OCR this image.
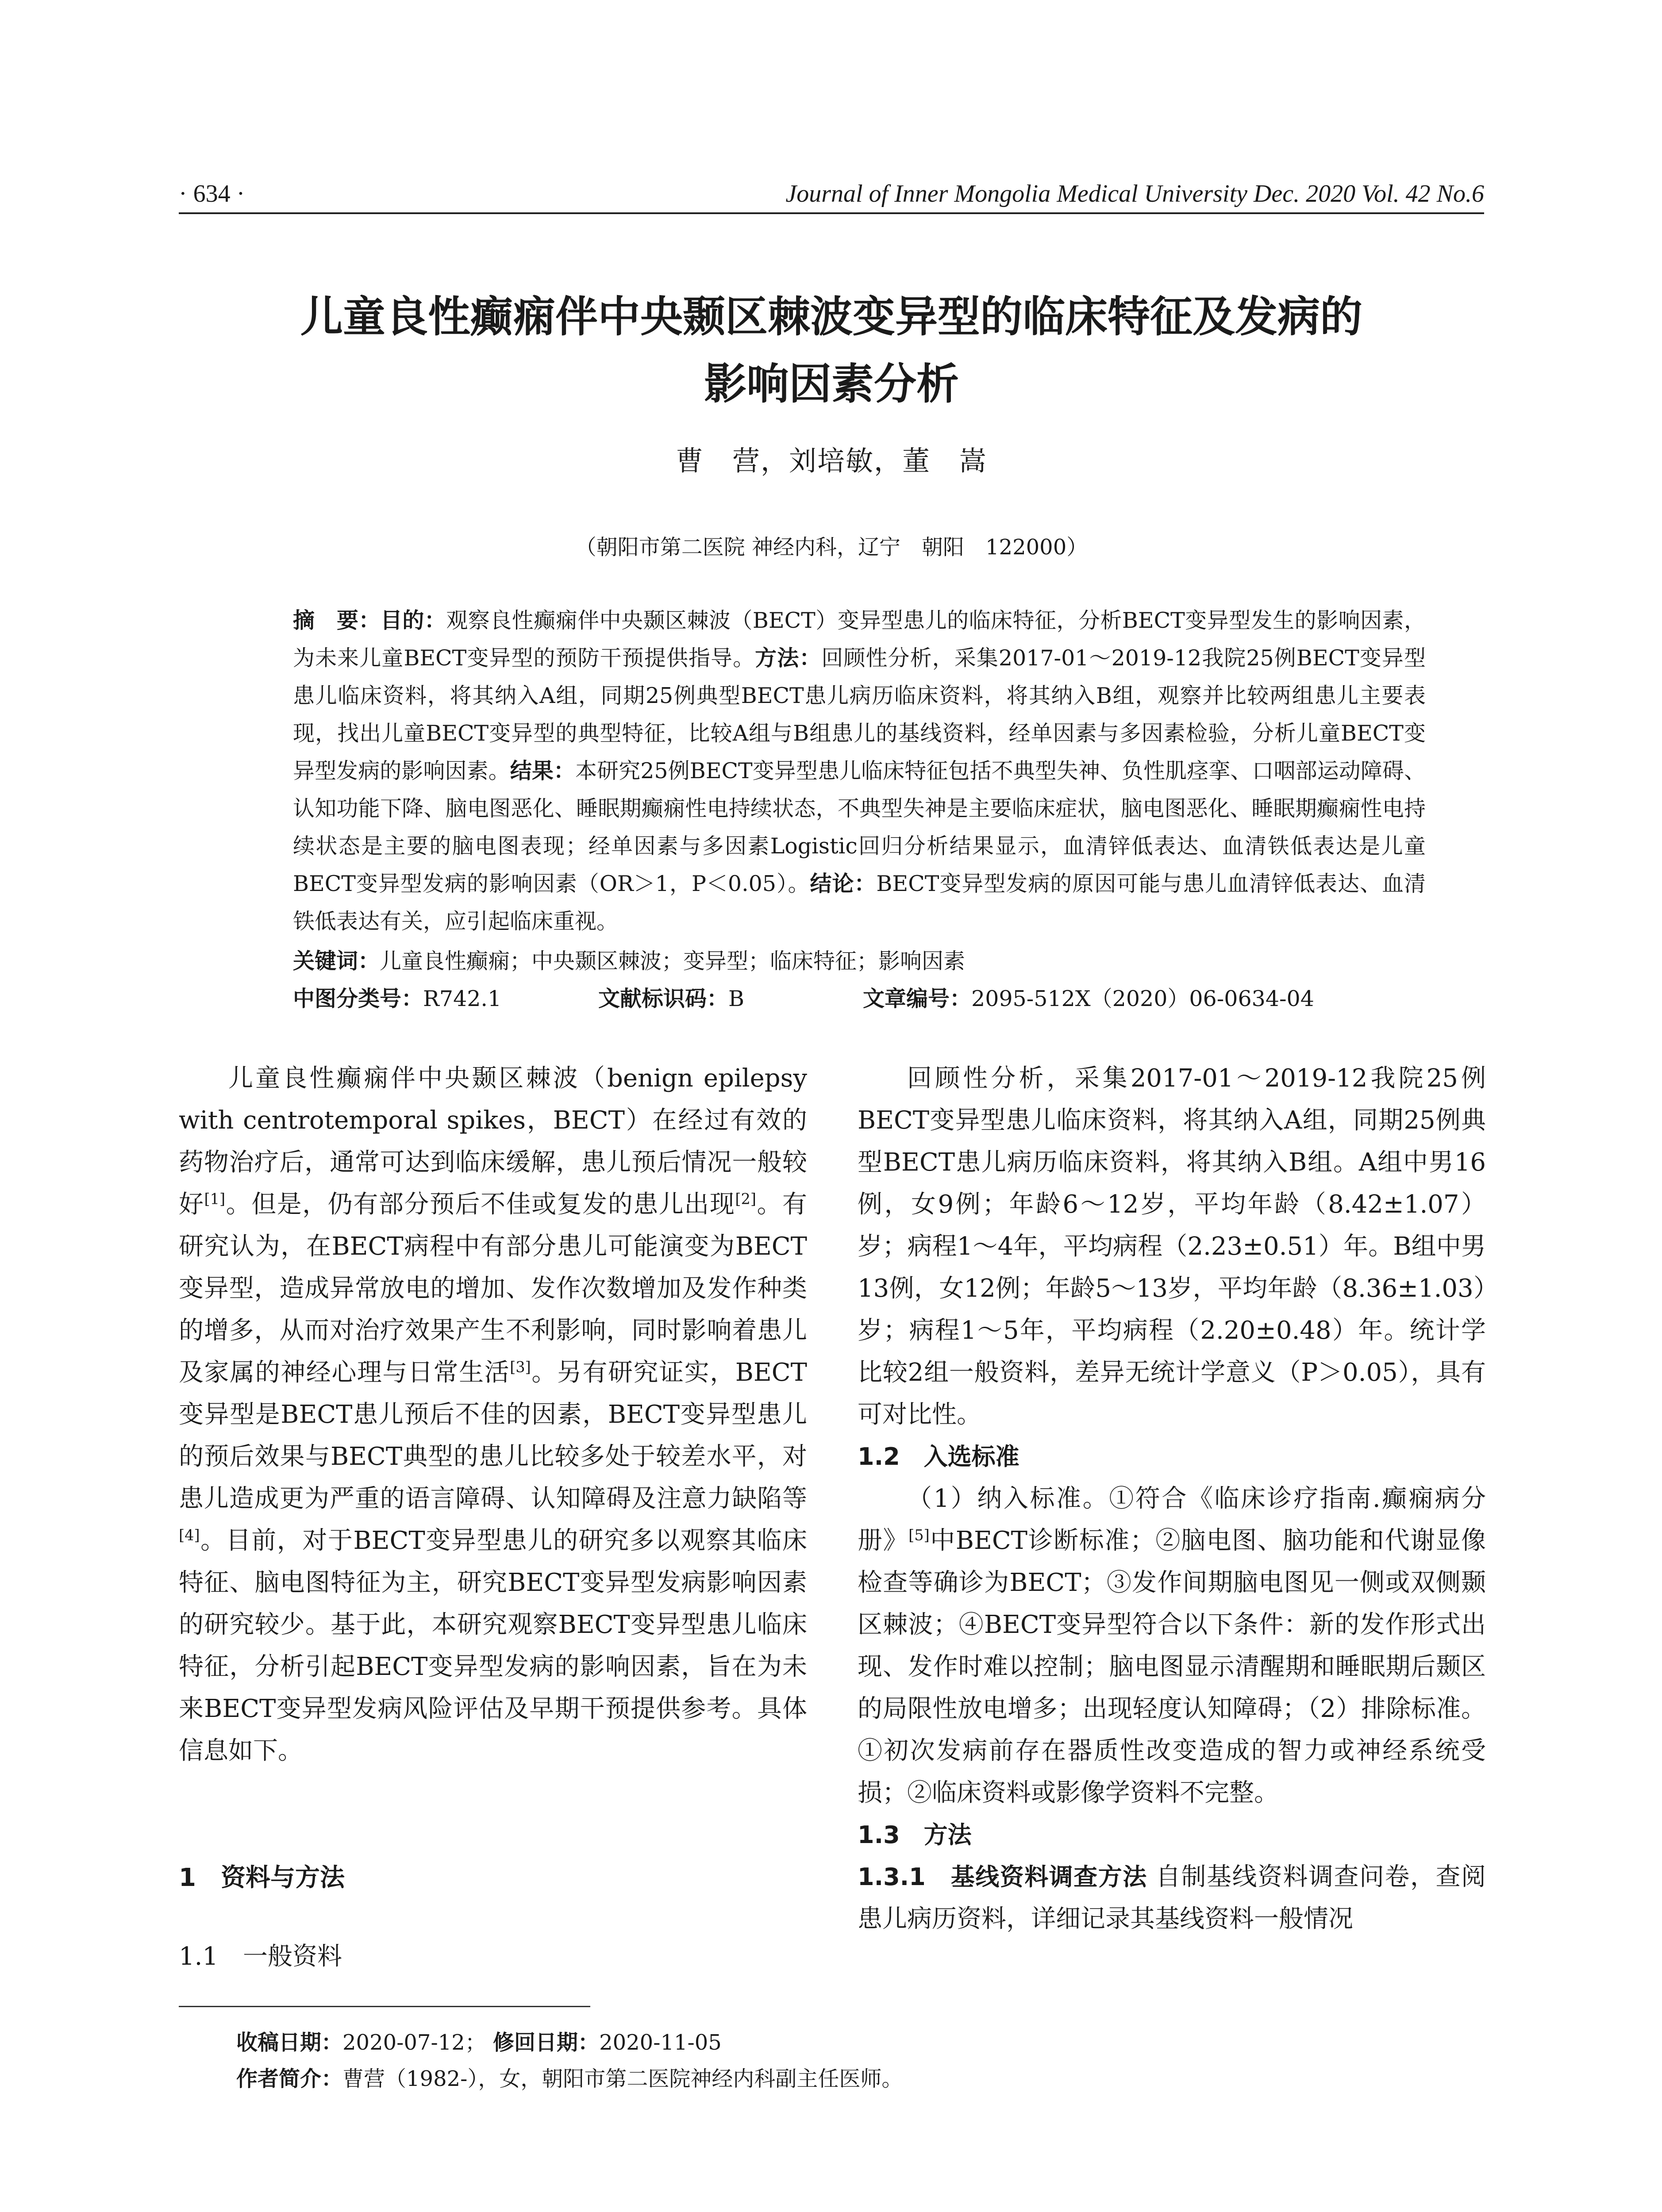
· 634 ·	Journal of Inner Mongolia Medical University Dec. 2020 Vol. 42 No.6
儿童良性癫痫伴中央颞区棘波变异型的临床特征及发病的
影响因素分析
曹　营，刘培敏，董　嵩
（朝阳市第二医院 神经内科，辽宁　朝阳　122000）
摘　要：目的：观察良性癫痫伴中央颞区棘波（BECT）变异型患儿的临床特征，分析BECT变异型发生的影响因素，为未来儿童BECT变异型的预防干预提供指导。方法：回顾性分析，采集2017-01～2019-12我院25例BECT变异型患儿临床资料，将其纳入A组，同期25例典型BECT患儿病历临床资料，将其纳入B组，观察并比较两组患儿主要表现，找出儿童BECT变异型的典型特征，比较A组与B组患儿的基线资料，经单因素与多因素检验，分析儿童BECT变异型发病的影响因素。结果：本研究25例BECT变异型患儿临床特征包括不典型失神、负性肌痉挛、口咽部运动障碍、认知功能下降、脑电图恶化、睡眠期癫痫性电持续状态，不典型失神是主要临床症状，脑电图恶化、睡眠期癫痫性电持续状态是主要的脑电图表现；经单因素与多因素Logistic回归分析结果显示，血清锌低表达、血清铁低表达是儿童BECT变异型发病的影响因素（OR＞1，P＜0.05）。结论：BECT变异型发病的原因可能与患儿血清锌低表达、血清铁低表达有关，应引起临床重视。
关键词：儿童良性癫痫；中央颞区棘波；变异型；临床特征；影响因素
中图分类号：R742.1	文献标识码：B	文章编号：2095-512X（2020）06-0634-04

儿童良性癫痫伴中央颞区棘波（benign epilepsy with centrotemporal spikes，BECT）在经过有效的药物治疗后，通常可达到临床缓解，患儿预后情况一般较好[1]。但是，仍有部分预后不佳或复发的患儿出现[2]。有研究认为，在BECT病程中有部分患儿可能演变为BECT变异型，造成异常放电的增加、发作次数增加及发作种类的增多，从而对治疗效果产生不利影响，同时影响着患儿及家属的神经心理与日常生活[3]。另有研究证实，BECT变异型是BECT患儿预后不佳的因素，BECT变异型患儿的预后效果与BECT典型的患儿比较多处于较差水平，对患儿造成更为严重的语言障碍、认知障碍及注意力缺陷等[4]。目前，对于BECT变异型患儿的研究多以观察其临床特征、脑电图特征为主，研究BECT变异型发病影响因素的研究较少。基于此，本研究观察BECT变异型患儿临床特征，分析引起BECT变异型发病的影响因素，旨在为未来BECT变异型发病风险评估及早期干预提供参考。具体信息如下。

1　资料与方法
1.1　一般资料

回顾性分析，采集2017-01～2019-12我院25例BECT变异型患儿临床资料，将其纳入A组，同期25例典型BECT患儿病历临床资料，将其纳入B组。A组中男16例，女9例；年龄6～12岁，平均年龄（8.42±1.07）岁；病程1～4年，平均病程（2.23±0.51）年。B组中男13例，女12例；年龄5～13岁，平均年龄（8.36±1.03）岁；病程1～5年，平均病程（2.20±0.48）年。统计学比较2组一般资料，差异无统计学意义（P＞0.05），具有可对比性。

1.2　入选标准

（1）纳入标准。①符合《临床诊疗指南.癫痫病分册》[5]中BECT诊断标准；②脑电图、脑功能和代谢显像检查等确诊为BECT；③发作间期脑电图见一侧或双侧颞区棘波；④BECT变异型符合以下条件：新的发作形式出现、发作时难以控制；脑电图显示清醒期和睡眠期后颞区的局限性放电增多；出现轻度认知障碍；（2）排除标准。①初次发病前存在器质性改变造成的智力或神经系统受损；②临床资料或影像学资料不完整。

1.3　方法

1.3.1　基线资料调查方法 自制基线资料调查问卷，查阅患儿病历资料，详细记录其基线资料一般情况

收稿日期：2020-07-12； 修回日期：2020-11-05
作者简介：曹营（1982-），女，朝阳市第二医院神经内科副主任医师。
